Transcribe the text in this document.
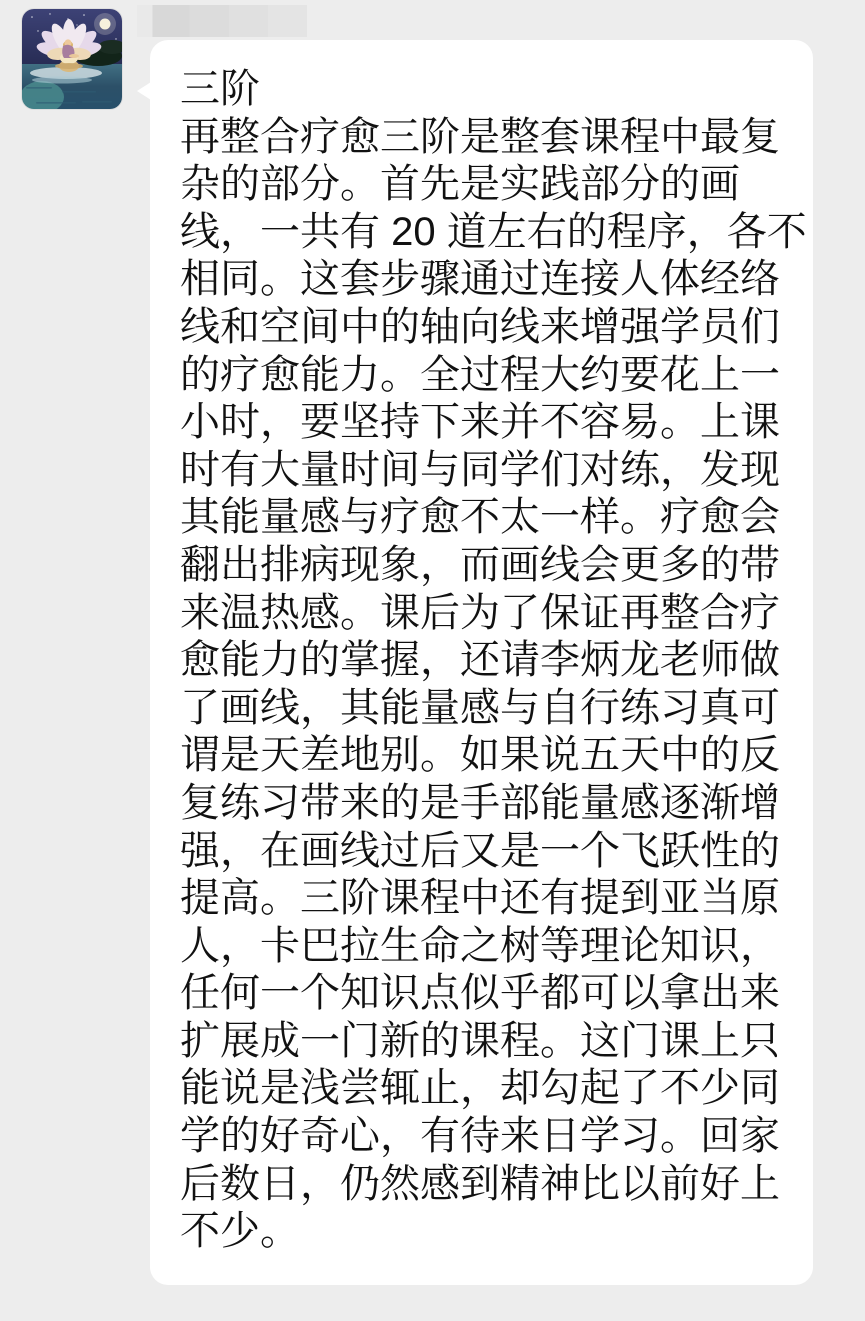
三阶
再整合疗愈三阶是整套课程中最复
杂的部分。首先是实践部分的画
线，一共有 20 道左右的程序，各不
相同。这套步骤通过连接人体经络
线和空间中的轴向线来增强学员们
的疗愈能力。全过程大约要花上一
小时，要坚持下来并不容易。上课
时有大量时间与同学们对练，发现
其能量感与疗愈不太一样。疗愈会
翻出排病现象，而画线会更多的带
来温热感。课后为了保证再整合疗
愈能力的掌握，还请李炳龙老师做
了画线，其能量感与自行练习真可
谓是天差地别。如果说五天中的反
复练习带来的是手部能量感逐渐增
强，在画线过后又是一个飞跃性的
提高。三阶课程中还有提到亚当原
人，卡巴拉生命之树等理论知识，
任何一个知识点似乎都可以拿出来
扩展成一门新的课程。这门课上只
能说是浅尝辄止，却勾起了不少同
学的好奇心，有待来日学习。回家
后数日，仍然感到精神比以前好上
不少。
